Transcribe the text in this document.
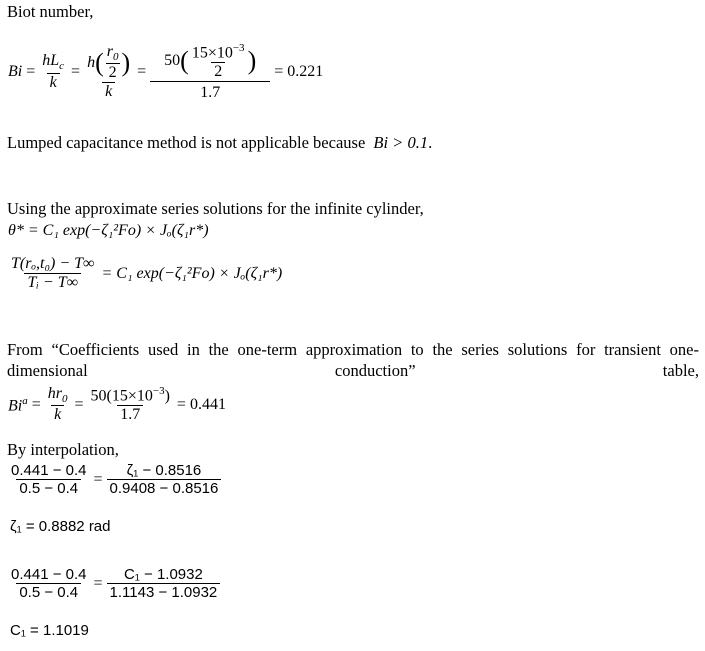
Biot number,
$Bi = \frac{hL_c}{k} = \frac{h ( \frac{r_0}{2} )}{k} = \frac{50 ( \frac{15\times 10^{-3}}{2} )}{1.7} = 0.221$
Lumped capacitance method is not applicable because Bi > 0.1.
Using the approximate series solutions for the infinite cylinder,
θ* = C₁ exp(−ζ₁²Fo) × Jₒ(ζ₁r*)
$\frac{\text{T(rₒ,t₀) − T∞}}{\text{Tᵢ − T∞}} = C_1$ exp(−ζ₁²Fo) × Jₒ(ζ₁r*)
From “Coefficients used in the one-term approximation to the series solutions for transient one-dimensional conduction” table,
$Bi^a = \frac{hr_0}{k} = \frac{50(15\times 10^{-3})}{1.7} = 0.441$
By interpolation,
$\frac{0.441 - 0.4}{0.5 - 0.4} = \frac{\text{ζ₁ − 0.8516}}{0.9408 - 0.8516}$
ζ₁ = 0.8882 rad
$\frac{0.441 - 0.4}{0.5 - 0.4} = \frac{\text{C₁ − 1.0932}}{1.1143 - 1.0932}$
C₁ = 1.1019
